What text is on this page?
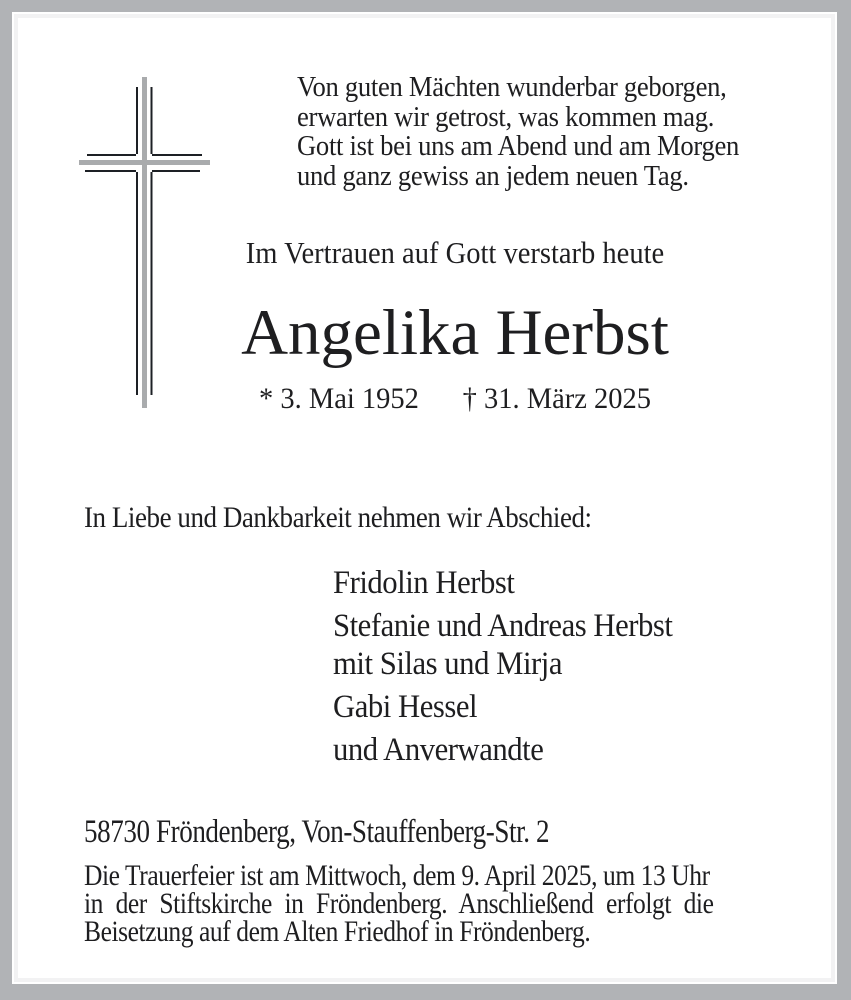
Von guten Mächten wunderbar geborgen,
erwarten wir getrost, was kommen mag.
Gott ist bei uns am Abend und am Morgen
und ganz gewiss an jedem neuen Tag.
Im Vertrauen auf Gott verstarb heute
Angelika Herbst
* 3. Mai 1952 † 31. März 2025
In Liebe und Dankbarkeit nehmen wir Abschied:
Fridolin Herbst
Stefanie und Andreas Herbst
mit Silas und Mirja
Gabi Hessel
und Anverwandte
58730 Fröndenberg, Von-Stauffenberg-Str. 2
Die Trauerfeier ist am Mittwoch, dem 9. April 2025, um 13 Uhr
in der Stiftskirche in Fröndenberg. Anschließend erfolgt die
Beisetzung auf dem Alten Friedhof in Fröndenberg.
